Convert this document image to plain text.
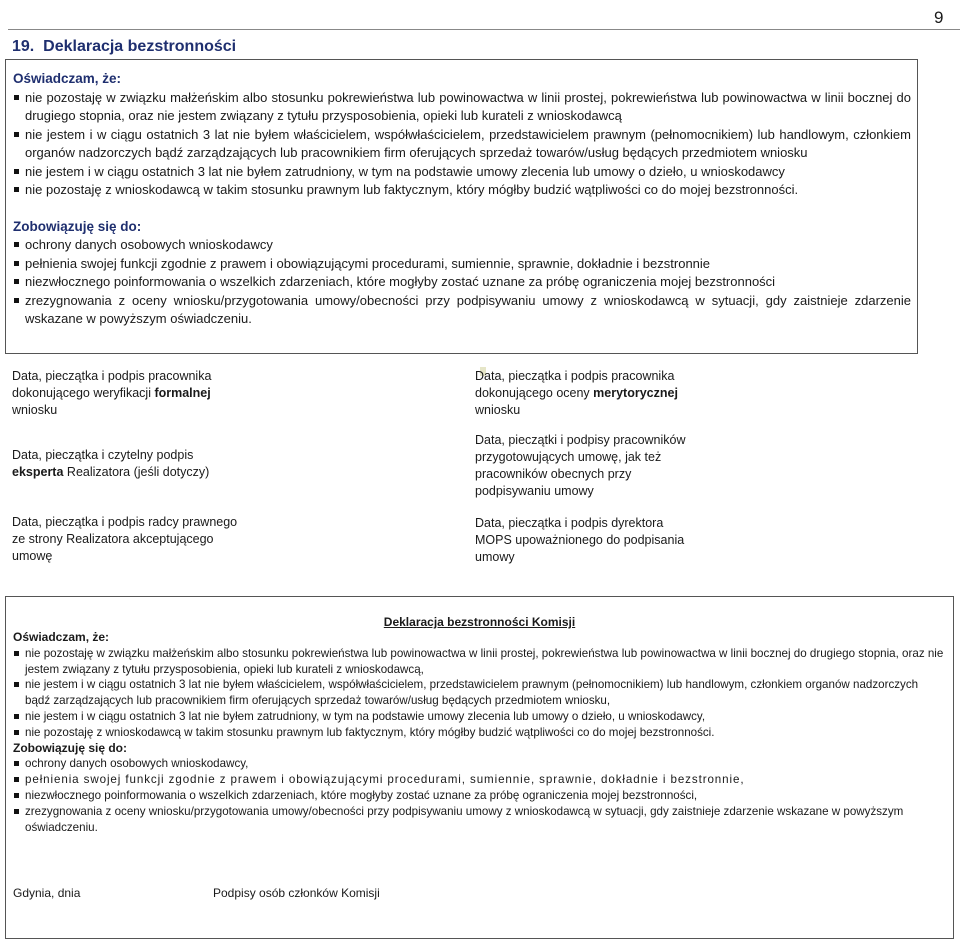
9
19. Deklaracja bezstronności

Oświadczam, że:

nie pozostaję w związku małżeńskim albo stosunku pokrewieństwa lub powinowactwa w linii prostej, pokrewieństwa lub powinowactwa w linii bocznej do drugiego stopnia, oraz nie jestem związany z tytułu przysposobienia, opieki lub kurateli z wnioskodawcą
nie jestem i w ciągu ostatnich 3 lat nie byłem właścicielem, współwłaścicielem, przedstawicielem prawnym (pełnomocnikiem) lub handlowym, członkiem organów nadzorczych bądź zarządzających lub pracownikiem firm oferujących sprzedaż towarów/usług będących przedmiotem wniosku
nie jestem i w ciągu ostatnich 3 lat nie byłem zatrudniony, w tym na podstawie umowy zlecenia lub umowy o dzieło, u wnioskodawcy
nie pozostaję z wnioskodawcą w takim stosunku prawnym lub faktycznym, który mógłby budzić wątpliwości co do mojej bezstronności.

Zobowiązuję się do:

ochrony danych osobowych wnioskodawcy
pełnienia swojej funkcji zgodnie z prawem i obowiązującymi procedurami, sumiennie, sprawnie, dokładnie i bezstronnie
niezwłocznego poinformowania o wszelkich zdarzeniach, które mogłyby zostać uznane za próbę ograniczenia mojej bezstronności
zrezygnowania z oceny wniosku/przygotowania umowy/obecności przy podpisywaniu umowy z wnioskodawcą w sytuacji, gdy zaistnieje zdarzenie wskazane w powyższym oświadczeniu.
Data, pieczątka i podpis pracownika dokonującego weryfikacji formalnej wniosku
Data, pieczątka i czytelny podpis eksperta Realizatora (jeśli dotyczy)
Data, pieczątka i podpis radcy prawnego ze strony Realizatora akceptującego umowę
Data, pieczątka i podpis pracownika dokonującego oceny merytorycznej wniosku
Data, pieczątki i podpisy pracowników przygotowujących umowę, jak też pracowników obecnych przy podpisywaniu umowy
Data, pieczątka i podpis dyrektora MOPS upoważnionego do podpisania umowy
Deklaracja bezstronności Komisji

Oświadczam, że:

nie pozostaję w związku małżeńskim albo stosunku pokrewieństwa lub powinowactwa w linii prostej, pokrewieństwa lub powinowactwa w linii bocznej do drugiego stopnia, oraz nie jestem związany z tytułu przysposobienia, opieki lub kurateli z wnioskodawcą,
nie jestem i w ciągu ostatnich 3 lat nie byłem właścicielem, współwłaścicielem, przedstawicielem prawnym (pełnomocnikiem) lub handlowym, członkiem organów nadzorczych bądź zarządzających lub pracownikiem firm oferujących sprzedaż towarów/usług będących przedmiotem wniosku,
nie jestem i w ciągu ostatnich 3 lat nie byłem zatrudniony, w tym na podstawie umowy zlecenia lub umowy o dzieło, u wnioskodawcy,
nie pozostaję z wnioskodawcą w takim stosunku prawnym lub faktycznym, który mógłby budzić wątpliwości co do mojej bezstronności.

Zobowiązuję się do:

ochrony danych osobowych wnioskodawcy,
pełnienia swojej funkcji zgodnie z prawem i obowiązującymi procedurami, sumiennie, sprawnie, dokładnie i bezstronnie,
niezwłocznego poinformowania o wszelkich zdarzeniach, które mogłyby zostać uznane za próbę ograniczenia mojej bezstronności,
zrezygnowania z oceny wniosku/przygotowania umowy/obecności przy podpisywaniu umowy z wnioskodawcą w sytuacji, gdy zaistnieje zdarzenie wskazane w powyższym oświadczeniu.
Gdynia, dnia	Podpisy osób członków Komisji
